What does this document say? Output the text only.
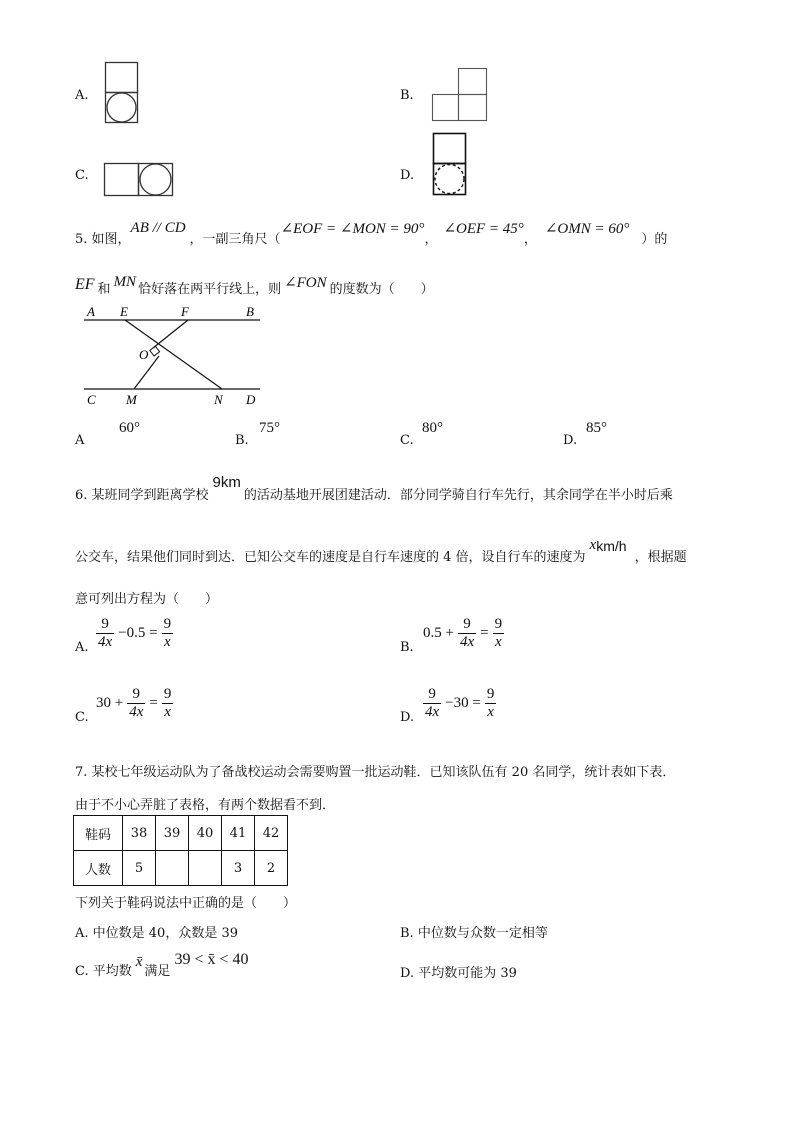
A.	B.
C.	D.
5. 如图，
AB // CD
，一副三角尺（
∠EOF = ∠MON = 90°
，
∠OEF = 45°
，
∠OMN = 60°
）的
EF 和 MN 恰好落在两平行线上，则 ∠FON 的度数为（　　）
A E	F	B
O
C M	N D
A
60°
B.
75°
C.
80°
D.
85°
6. 某班同学到距离学校
9km
的活动基地开展团建活动．部分同学骑自行车先行，其余同学在半小时后乘
公交车，结果他们同时到达．已知公交车的速度是自行车速度的 4 倍，设自行车的速度为
x km/h
，根据题
意可列出方程为（　　）
A. $\frac{9}{4x} -0.5 = \frac{9}{x}$	B.
$0.5 + \frac{9}{4x} = \frac{9}{x}$
C.
$30 + \frac{9}{4x} = \frac{9}{x}$	D. $\frac{9}{4x} -30 = \frac{9}{x}$
7. 某校七年级运动队为了备战校运动会需要购置一批运动鞋．已知该队伍有 20 名同学，统计表如下表．
由于不小心弄脏了表格，有两个数据看不到．
鞋码	38	39	40	41	42
人数	5			3	2
下列关于鞋码说法中正确的是（　　）
A. 中位数是 40，众数是 39	B. 中位数与众数一定相等
C. 平均数
x̄
满足
39 < x̄ < 40
D. 平均数可能为 39
